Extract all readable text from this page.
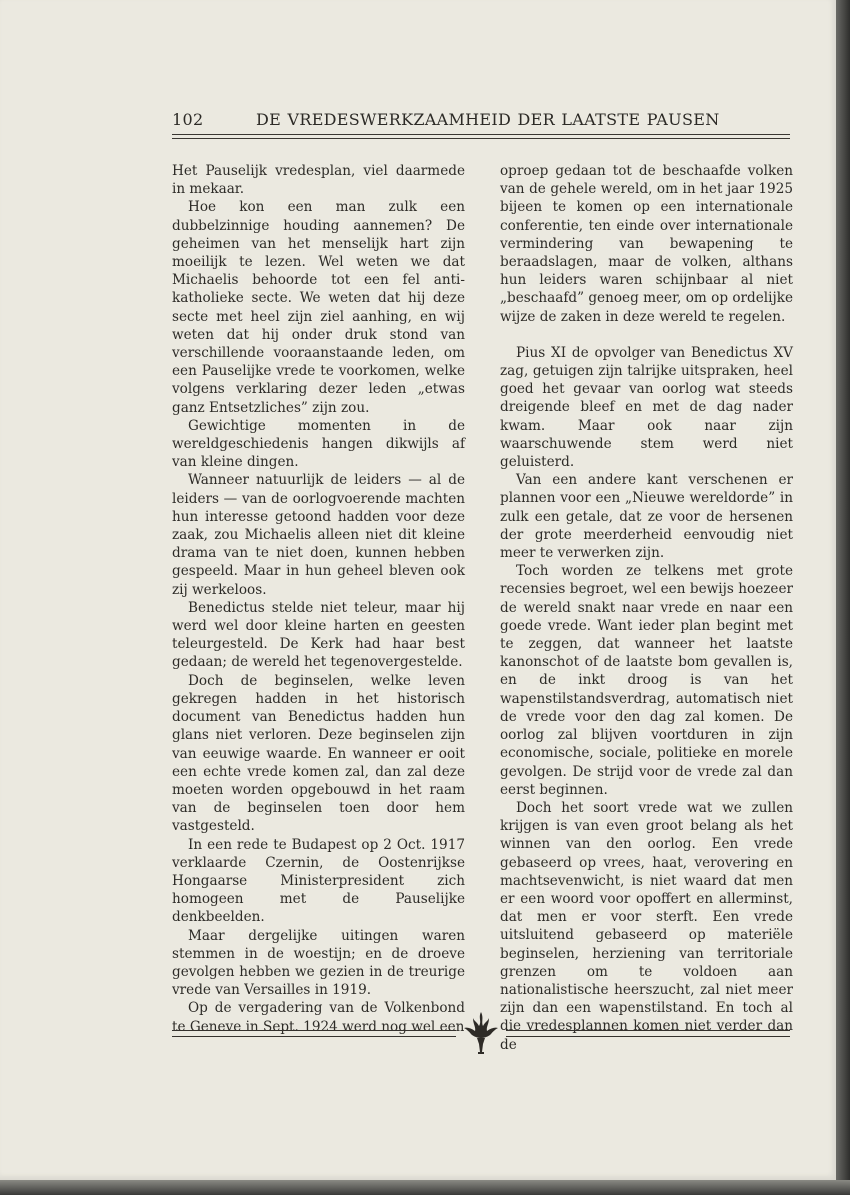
102	DE VREDESWERKZAAMHEID DER LAATSTE PAUSEN

Het Pauselijk vredesplan, viel daarmede in mekaar.

Hoe kon een man zulk een dubbelzinnige houding aannemen? De geheimen van het menselijk hart zijn moeilijk te lezen. Wel weten we dat Michaelis behoorde tot een fel anti-katholieke secte. We weten dat hij deze secte met heel zijn ziel aanhing, en wij weten dat hij onder druk stond van verschillende vooraanstaande leden, om een Pauselijke vrede te voorkomen, welke volgens verklaring dezer leden „etwas ganz Entsetzliches” zijn zou.

Gewichtige momenten in de wereldgeschiedenis hangen dikwijls af van kleine dingen.

Wanneer natuurlijk de leiders — al de leiders — van de oorlogvoerende machten hun interesse getoond hadden voor deze zaak, zou Michaelis alleen niet dit kleine drama van te niet doen, kunnen hebben gespeeld. Maar in hun geheel bleven ook zij werkeloos.

Benedictus stelde niet teleur, maar hij werd wel door kleine harten en geesten teleurgesteld. De Kerk had haar best gedaan; de wereld het tegenovergestelde.

Doch de beginselen, welke leven gekregen hadden in het historisch document van Benedictus hadden hun glans niet verloren. Deze beginselen zijn van eeuwige waarde. En wanneer er ooit een echte vrede komen zal, dan zal deze moeten worden opgebouwd in het raam van de beginselen toen door hem vastgesteld.

In een rede te Budapest op 2 Oct. 1917 verklaarde Czernin, de Oostenrijkse Hongaarse Ministerpresident zich homogeen met de Pauselijke denkbeelden.

Maar dergelijke uitingen waren stemmen in de woestijn; en de droeve gevolgen hebben we gezien in de treurige vrede van Versailles in 1919.

Op de vergadering van de Volkenbond te Geneve in Sept. 1924 werd nog wel een

oproep gedaan tot de beschaafde volken van de gehele wereld, om in het jaar 1925 bijeen te komen op een internationale conferentie, ten einde over internationale vermindering van bewapening te beraadslagen, maar de volken, althans hun leiders waren schijnbaar al niet „beschaafd” genoeg meer, om op ordelijke wijze de zaken in deze wereld te regelen.

Pius XI de opvolger van Benedictus XV zag, getuigen zijn talrijke uitspraken, heel goed het gevaar van oorlog wat steeds dreigende bleef en met de dag nader kwam. Maar ook naar zijn waarschuwende stem werd niet geluisterd.

Van een andere kant verschenen er plannen voor een „Nieuwe wereldorde” in zulk een getale, dat ze voor de hersenen der grote meerderheid eenvoudig niet meer te verwerken zijn.

Toch worden ze telkens met grote recensies begroet, wel een bewijs hoezeer de wereld snakt naar vrede en naar een goede vrede. Want ieder plan begint met te zeggen, dat wanneer het laatste kanonschot of de laatste bom gevallen is, en de inkt droog is van het wapenstilstandsverdrag, automatisch niet de vrede voor den dag zal komen. De oorlog zal blijven voortduren in zijn economische, sociale, politieke en morele gevolgen. De strijd voor de vrede zal dan eerst beginnen.

Doch het soort vrede wat we zullen krijgen is van even groot belang als het winnen van den oorlog. Een vrede gebaseerd op vrees, haat, verovering en machtsevenwicht, is niet waard dat men er een woord voor opoffert en allerminst, dat men er voor sterft. Een vrede uitsluitend gebaseerd op materiële beginselen, herziening van territoriale grenzen om te voldoen aan nationalistische heerszucht, zal niet meer zijn dan een wapenstilstand. En toch al die vredesplannen komen niet verder dan de
